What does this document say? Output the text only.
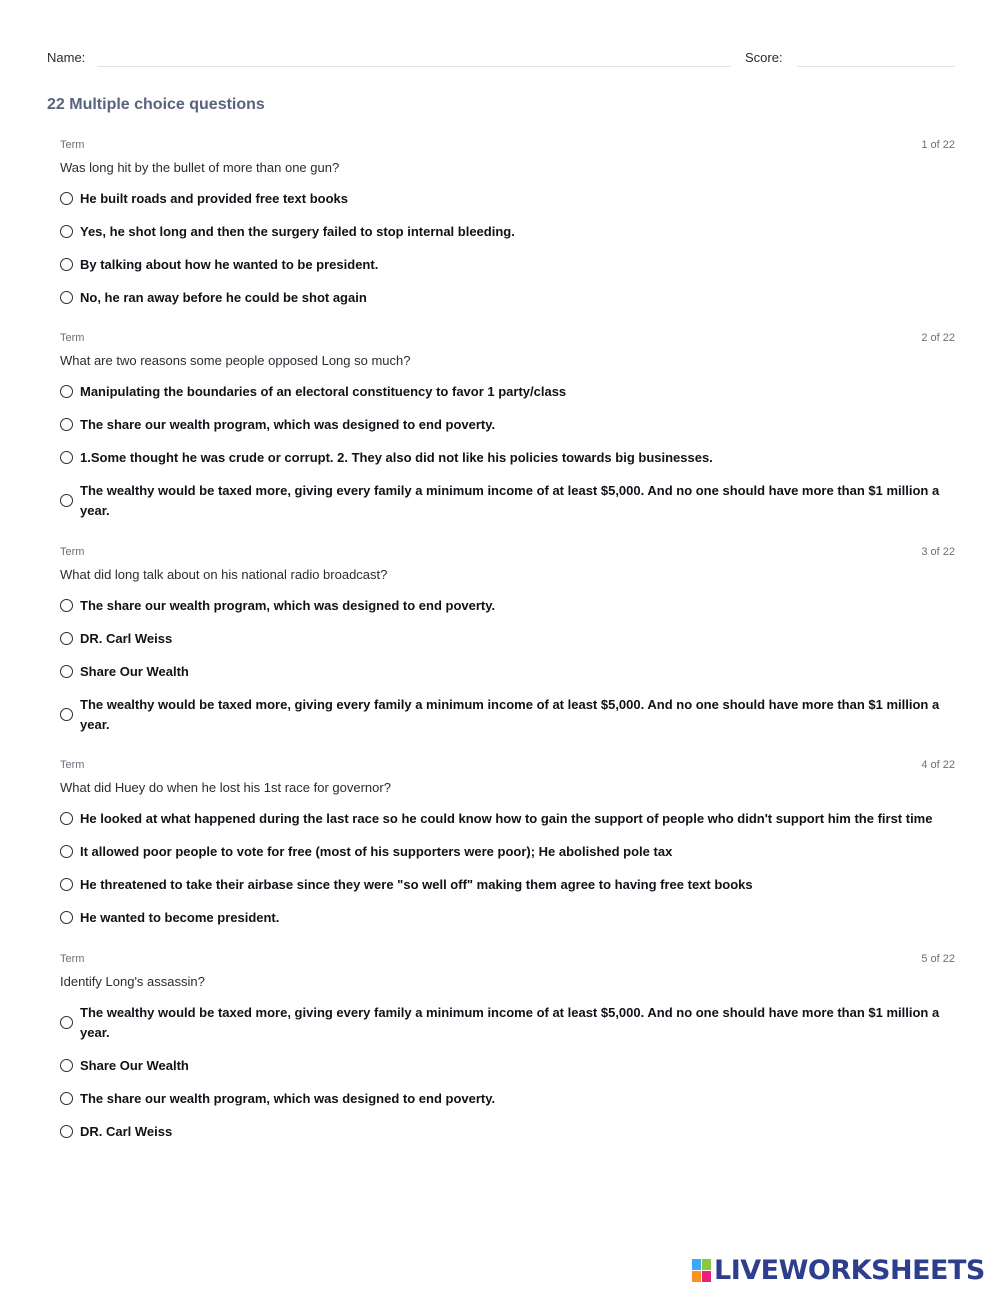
Name:	Score:
22 Multiple choice questions
Term	1 of 22
Was long hit by the bullet of more than one gun?
He built roads and provided free text books
Yes, he shot long and then the surgery failed to stop internal bleeding.
By talking about how he wanted to be president.
No, he ran away before he could be shot again
Term	2 of 22
What are two reasons some people opposed Long so much?
Manipulating the boundaries of an electoral constituency to favor 1 party/class
The share our wealth program, which was designed to end poverty.
1.Some thought he was crude or corrupt. 2. They also did not like his policies towards big businesses.
The wealthy would be taxed more, giving every family a minimum income of at least $5,000. And no one should have more than $1 million a year.
Term	3 of 22
What did long talk about on his national radio broadcast?
The share our wealth program, which was designed to end poverty.
DR. Carl Weiss
Share Our Wealth
The wealthy would be taxed more, giving every family a minimum income of at least $5,000. And no one should have more than $1 million a year.
Term	4 of 22
What did Huey do when he lost his 1st race for governor?
He looked at what happened during the last race so he could know how to gain the support of people who didn't support him the first time
It allowed poor people to vote for free (most of his supporters were poor); He abolished pole tax
He threatened to take their airbase since they were "so well off" making them agree to having free text books
He wanted to become president.
Term	5 of 22
Identify Long's assassin?
The wealthy would be taxed more, giving every family a minimum income of at least $5,000. And no one should have more than $1 million a year.
Share Our Wealth
The share our wealth program, which was designed to end poverty.
DR. Carl Weiss
LIVEWORKSHEETS
